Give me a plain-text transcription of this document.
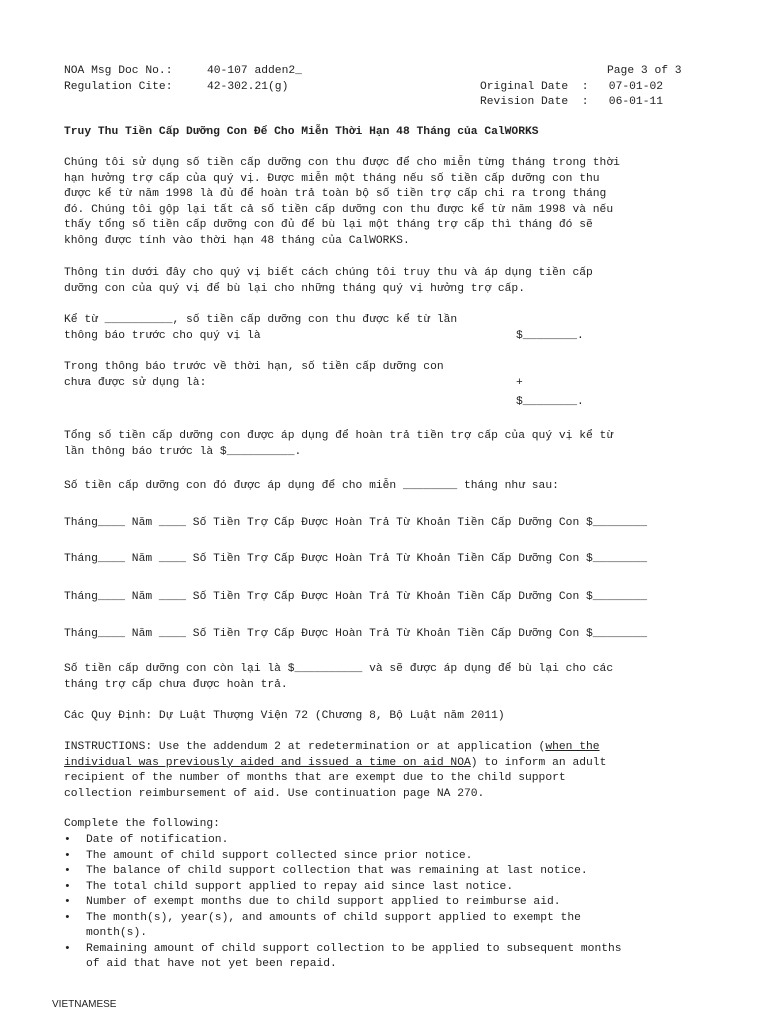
NOA Msg Doc No.:	40-107 adden2_
Regulation Cite:	42-302.21(g)
Page 3 of 3
Original Date  :   07-01-02
Revision Date  :   06-01-11
Truy Thu Tiền Cấp Dưỡng Con Để Cho Miễn Thời Hạn 48 Tháng của CalWORKS
Chúng tôi sử dụng số tiền cấp dưỡng con thu được để cho miễn từng tháng trong thời
hạn hưởng trợ cấp của quý vị. Được miễn một tháng nếu số tiền cấp dưỡng con thu
được kể từ năm 1998 là đủ để hoàn trả toàn bộ số tiền trợ cấp chi ra trong tháng
đó. Chúng tôi gộp lại tất cả số tiền cấp dưỡng con thu được kể từ năm 1998 và nếu
thấy tổng số tiền cấp dưỡng con đủ để bù lại một tháng trợ cấp thì tháng đó sẽ
không được tính vào thời hạn 48 tháng của CalWORKS.
Thông tin dưới đây cho quý vị biết cách chúng tôi truy thu và áp dụng tiền cấp
dưỡng con của quý vị để bù lại cho những tháng quý vị hưởng trợ cấp.
Kể từ __________, số tiền cấp dưỡng con thu được kể từ lần
thông báo trước cho quý vị là	$________.
Trong thông báo trước về thời hạn, số tiền cấp dưỡng con
chưa được sử dụng là:	+
$________.
Tổng số tiền cấp dưỡng con được áp dụng để hoàn trả tiền trợ cấp của quý vị kể từ
lần thông báo trước là $__________.
Số tiền cấp dưỡng con đó được áp dụng để cho miễn ________ tháng như sau:
Tháng____ Năm ____ Số Tiền Trợ Cấp Được Hoàn Trả Từ Khoản Tiền Cấp Dưỡng Con $________
Tháng____ Năm ____ Số Tiền Trợ Cấp Được Hoàn Trả Từ Khoản Tiền Cấp Dưỡng Con $________
Tháng____ Năm ____ Số Tiền Trợ Cấp Được Hoàn Trả Từ Khoản Tiền Cấp Dưỡng Con $________
Tháng____ Năm ____ Số Tiền Trợ Cấp Được Hoàn Trả Từ Khoản Tiền Cấp Dưỡng Con $________
Số tiền cấp dưỡng con còn lại là $__________ và sẽ được áp dụng để bù lại cho các
tháng trợ cấp chưa được hoàn trả.
Các Quy Định: Dự Luật Thượng Viện 72 (Chương 8, Bộ Luật năm 2011)
INSTRUCTIONS: Use the addendum 2 at redetermination or at application (when the
individual was previously aided and issued a time on aid NOA) to inform an adult
recipient of the number of months that are exempt due to the child support
collection reimbursement of aid. Use continuation page NA 270.
Complete the following:
• Date of notification.
• The amount of child support collected since prior notice.
• The balance of child support collection that was remaining at last notice.
• The total child support applied to repay aid since last notice.
• Number of exempt months due to child support applied to reimburse aid.
• The month(s), year(s), and amounts of child support applied to exempt the
month(s).
• Remaining amount of child support collection to be applied to subsequent months
of aid that have not yet been repaid.
VIETNAMESE
